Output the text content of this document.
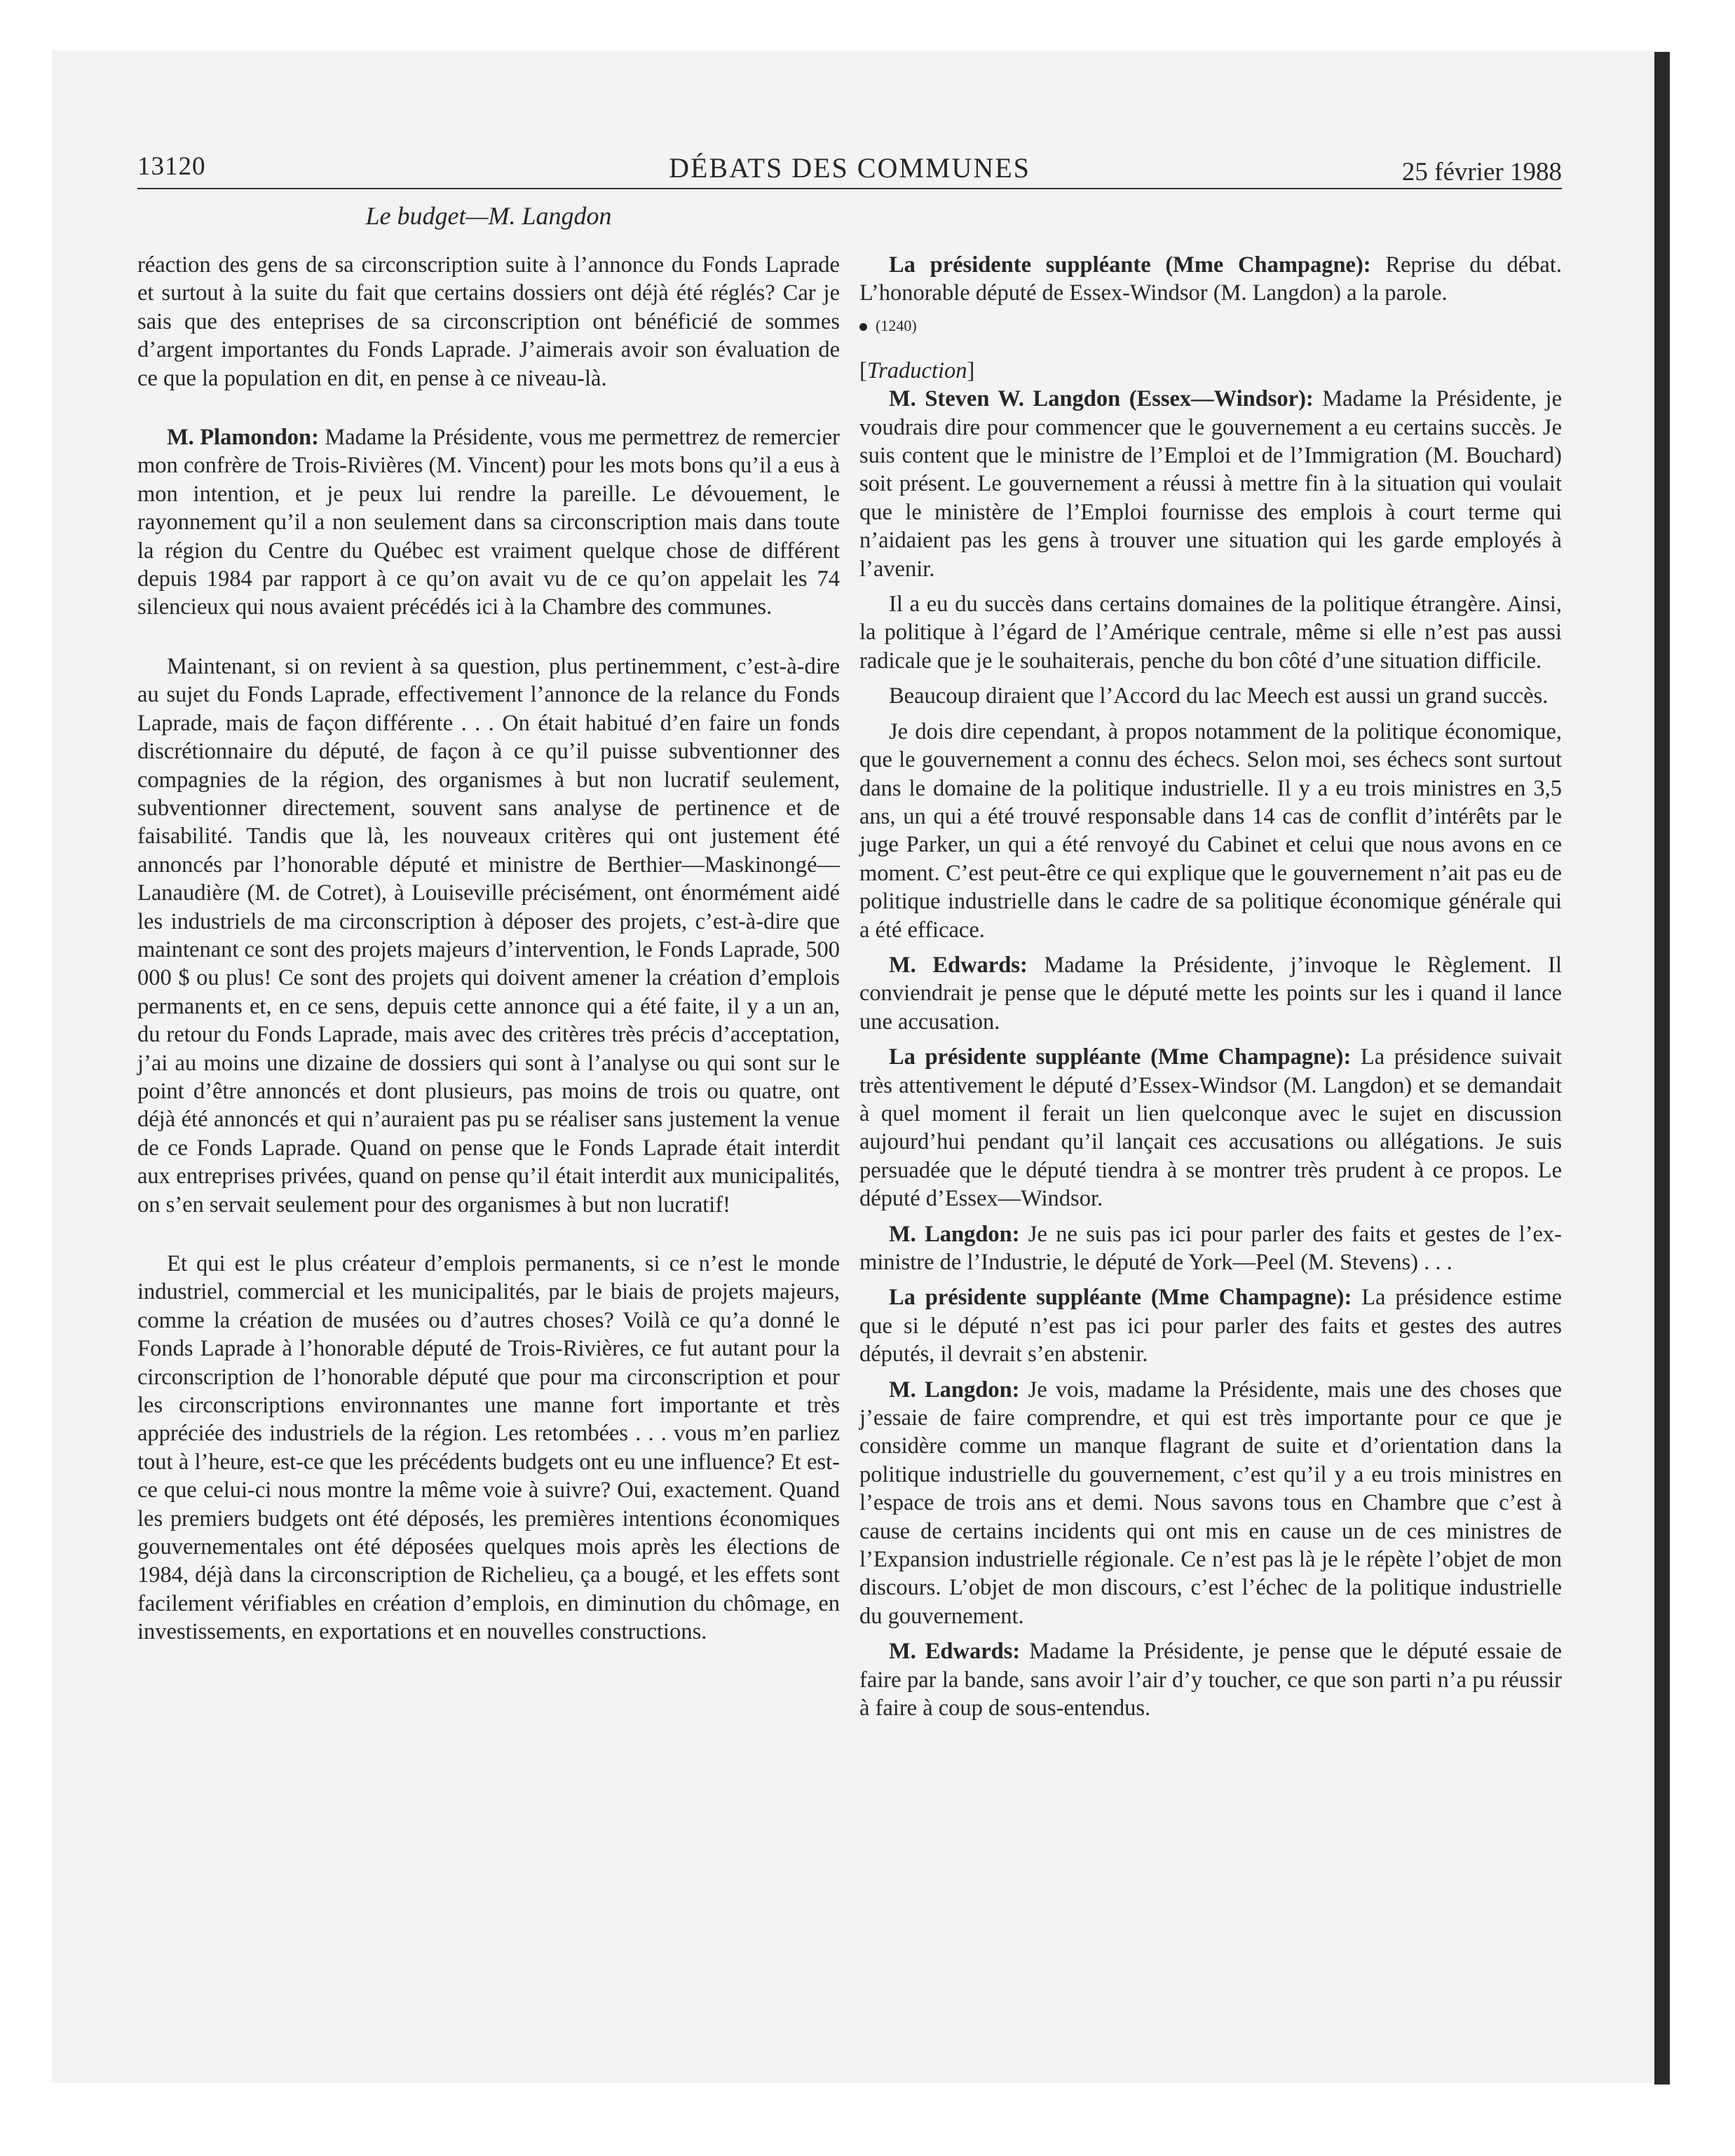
13120	DÉBATS DES COMMUNES	25 février 1988
Le budget—M. Langdon

réaction des gens de sa circonscription suite à l’annonce du Fonds Laprade et surtout à la suite du fait que certains dossiers ont déjà été réglés? Car je sais que des enteprises de sa circonscription ont bénéficié de sommes d’argent importantes du Fonds Laprade. J’aimerais avoir son évaluation de ce que la population en dit, en pense à ce niveau-là.

M. Plamondon: Madame la Présidente, vous me permettrez de remercier mon confrère de Trois-Rivières (M. Vincent) pour les mots bons qu’il a eus à mon intention, et je peux lui rendre la pareille. Le dévouement, le rayonnement qu’il a non seulement dans sa circonscription mais dans toute la région du Centre du Québec est vraiment quelque chose de différent depuis 1984 par rapport à ce qu’on avait vu de ce qu’on appelait les 74 silencieux qui nous avaient précédés ici à la Chambre des communes.

Maintenant, si on revient à sa question, plus pertinemment, c’est-à-dire au sujet du Fonds Laprade, effectivement l’annonce de la relance du Fonds Laprade, mais de façon différente . . . On était habitué d’en faire un fonds discrétionnaire du député, de façon à ce qu’il puisse subventionner des compagnies de la région, des organismes à but non lucratif seulement, subventionner directement, souvent sans analyse de pertinence et de faisabilité. Tandis que là, les nouveaux critères qui ont justement été annoncés par l’honorable député et ministre de Berthier—Maskinongé—Lanaudière (M. de Cotret), à Louiseville précisément, ont énormément aidé les industriels de ma circonscription à déposer des projets, c’est-à-dire que maintenant ce sont des projets majeurs d’intervention, le Fonds Laprade, 500 000 $ ou plus! Ce sont des projets qui doivent amener la création d’emplois permanents et, en ce sens, depuis cette annonce qui a été faite, il y a un an, du retour du Fonds Laprade, mais avec des critères très précis d’acceptation, j’ai au moins une dizaine de dossiers qui sont à l’analyse ou qui sont sur le point d’être annoncés et dont plusieurs, pas moins de trois ou quatre, ont déjà été annoncés et qui n’auraient pas pu se réaliser sans justement la venue de ce Fonds Laprade. Quand on pense que le Fonds Laprade était interdit aux entreprises privées, quand on pense qu’il était interdit aux municipalités, on s’en servait seulement pour des organismes à but non lucratif!

Et qui est le plus créateur d’emplois permanents, si ce n’est le monde industriel, commercial et les municipalités, par le biais de projets majeurs, comme la création de musées ou d’autres choses? Voilà ce qu’a donné le Fonds Laprade à l’honorable député de Trois-Rivières, ce fut autant pour la circonscription de l’honorable député que pour ma circonscription et pour les circonscriptions environnantes une manne fort importante et très appréciée des industriels de la région. Les retombées . . . vous m’en parliez tout à l’heure, est-ce que les précédents budgets ont eu une influence? Et est-ce que celui-ci nous montre la même voie à suivre? Oui, exactement. Quand les premiers budgets ont été déposés, les premières intentions économiques gouvernementales ont été déposées quelques mois après les élections de 1984, déjà dans la circonscription de Richelieu, ça a bougé, et les effets sont facilement vérifiables en création d’emplois, en diminution du chômage, en investissements, en exportations et en nouvelles constructions.

La présidente suppléante (Mme Champagne): Reprise du débat. L’honorable député de Essex-Windsor (M. Langdon) a la parole.

(1240)

[Traduction]

M. Steven W. Langdon (Essex—Windsor): Madame la Présidente, je voudrais dire pour commencer que le gouvernement a eu certains succès. Je suis content que le ministre de l’Emploi et de l’Immigration (M. Bouchard) soit présent. Le gouvernement a réussi à mettre fin à la situation qui voulait que le ministère de l’Emploi fournisse des emplois à court terme qui n’aidaient pas les gens à trouver une situation qui les garde employés à l’avenir.

Il a eu du succès dans certains domaines de la politique étrangère. Ainsi, la politique à l’égard de l’Amérique centrale, même si elle n’est pas aussi radicale que je le souhaiterais, penche du bon côté d’une situation difficile.

Beaucoup diraient que l’Accord du lac Meech est aussi un grand succès.

Je dois dire cependant, à propos notamment de la politique économique, que le gouvernement a connu des échecs. Selon moi, ses échecs sont surtout dans le domaine de la politique industrielle. Il y a eu trois ministres en 3,5 ans, un qui a été trouvé responsable dans 14 cas de conflit d’intérêts par le juge Parker, un qui a été renvoyé du Cabinet et celui que nous avons en ce moment. C’est peut-être ce qui explique que le gouvernement n’ait pas eu de politique industrielle dans le cadre de sa politique économique générale qui a été efficace.

M. Edwards: Madame la Présidente, j’invoque le Règlement. Il conviendrait je pense que le député mette les points sur les i quand il lance une accusation.

La présidente suppléante (Mme Champagne): La présidence suivait très attentivement le député d’Essex-Windsor (M. Langdon) et se demandait à quel moment il ferait un lien quelconque avec le sujet en discussion aujourd’hui pendant qu’il lançait ces accusations ou allégations. Je suis persuadée que le député tiendra à se montrer très prudent à ce propos. Le député d’Essex—Windsor.

M. Langdon: Je ne suis pas ici pour parler des faits et gestes de l’ex-ministre de l’Industrie, le député de York—Peel (M. Stevens) . . .

La présidente suppléante (Mme Champagne): La présidence estime que si le député n’est pas ici pour parler des faits et gestes des autres députés, il devrait s’en abstenir.

M. Langdon: Je vois, madame la Présidente, mais une des choses que j’essaie de faire comprendre, et qui est très importante pour ce que je considère comme un manque flagrant de suite et d’orientation dans la politique industrielle du gouvernement, c’est qu’il y a eu trois ministres en l’espace de trois ans et demi. Nous savons tous en Chambre que c’est à cause de certains incidents qui ont mis en cause un de ces ministres de l’Expansion industrielle régionale. Ce n’est pas là je le répète l’objet de mon discours. L’objet de mon discours, c’est l’échec de la politique industrielle du gouvernement.

M. Edwards: Madame la Présidente, je pense que le député essaie de faire par la bande, sans avoir l’air d’y toucher, ce que son parti n’a pu réussir à faire à coup de sous-entendus.
